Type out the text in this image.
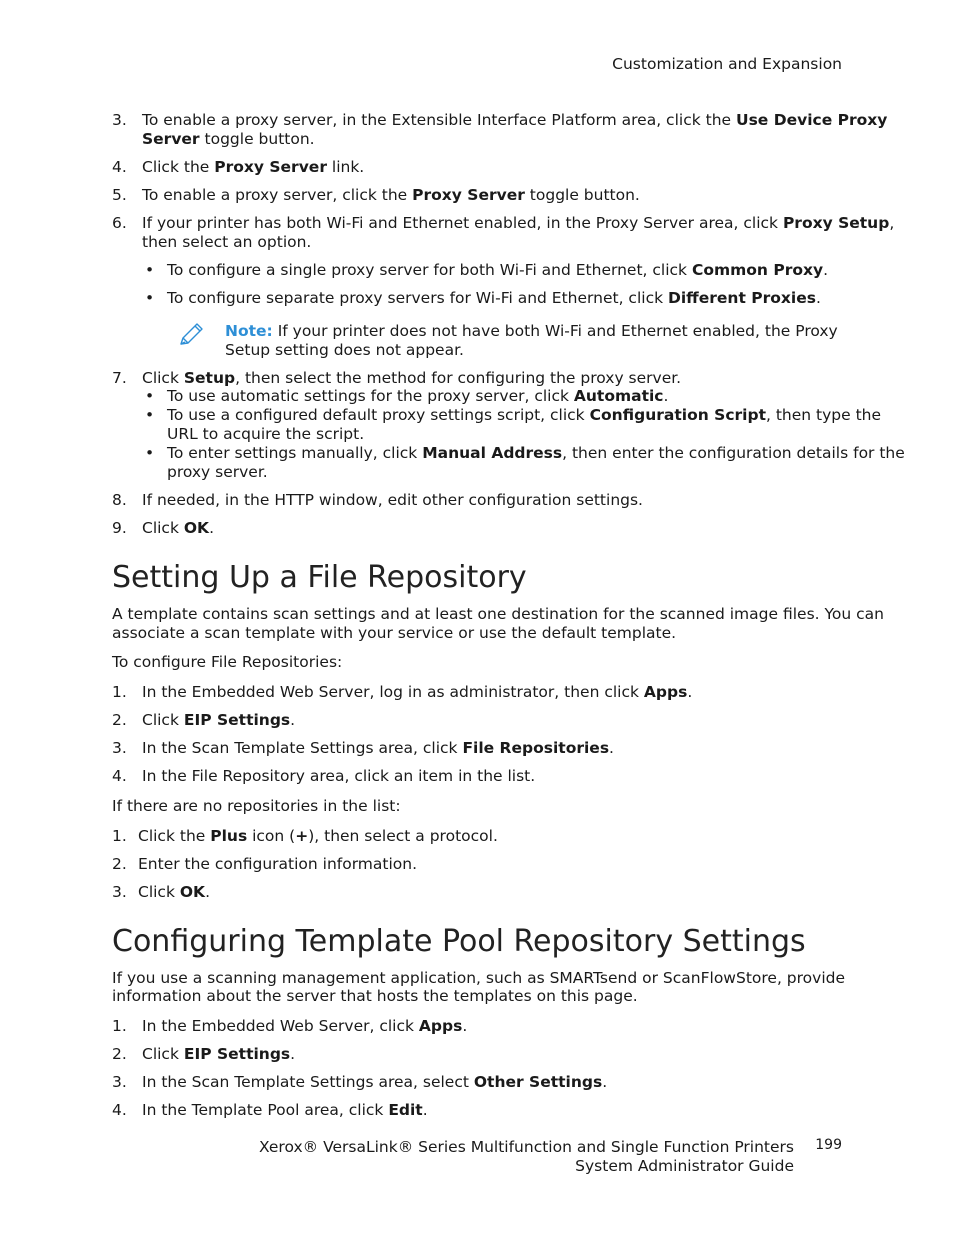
Customization and Expansion
3. To enable a proxy server, in the Extensible Interface Platform area, click the Use Device Proxy
Server toggle button.
4. Click the Proxy Server link.
5. To enable a proxy server, click the Proxy Server toggle button.
6. If your printer has both Wi-Fi and Ethernet enabled, in the Proxy Server area, click Proxy Setup,
then select an option.
• To configure a single proxy server for both Wi-Fi and Ethernet, click Common Proxy.
• To configure separate proxy servers for Wi-Fi and Ethernet, click Different Proxies.
Note: If your printer does not have both Wi-Fi and Ethernet enabled, the Proxy
Setup setting does not appear.
7. Click Setup, then select the method for configuring the proxy server.
• To use automatic settings for the proxy server, click Automatic.
• To use a configured default proxy settings script, click Configuration Script, then type the
URL to acquire the script.
• To enter settings manually, click Manual Address, then enter the configuration details for the
proxy server.
8. If needed, in the HTTP window, edit other configuration settings.
9. Click OK.
Setting Up a File Repository
A template contains scan settings and at least one destination for the scanned image files. You can
associate a scan template with your service or use the default template.
To configure File Repositories:
1. In the Embedded Web Server, log in as administrator, then click Apps.
2. Click EIP Settings.
3. In the Scan Template Settings area, click File Repositories.
4. In the File Repository area, click an item in the list.
If there are no repositories in the list:
1. Click the Plus icon (+), then select a protocol.
2. Enter the configuration information.
3. Click OK.
Configuring Template Pool Repository Settings
If you use a scanning management application, such as SMARTsend or ScanFlowStore, provide
information about the server that hosts the templates on this page.
1. In the Embedded Web Server, click Apps.
2. Click EIP Settings.
3. In the Scan Template Settings area, select Other Settings.
4. In the Template Pool area, click Edit.
Xerox® VersaLink® Series Multifunction and Single Function Printers
System Administrator Guide
199
